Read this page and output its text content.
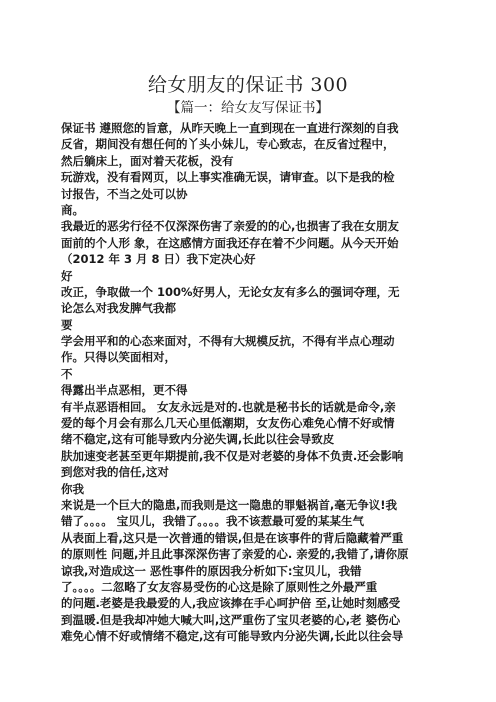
给女朋友的保证书 300
【篇一：给女友写保证书】
保证书 遵照您的旨意，从昨天晚上一直到现在一直进行深刻的自我
反省，期间没有想任何的丫头小妹儿，专心致志，在反省过程中，
然后躺床上，面对着天花板，没有
玩游戏，没有看网页，以上事实准确无误，请审查。以下是我的检
讨报告，不当之处可以协
商。
我最近的恶劣行径不仅深深伤害了亲爱的的心,也损害了我在女朋友
面前的个人形 象，在这感情方面我还存在着不少问题。从今天开始
（2012 年 3 月 8 日）我下定决心好
好
改正，争取做一个 100%好男人，无论女友有多么的强词夺理，无
论怎么对我发脾气我都
要
学会用平和的心态来面对，不得有大规模反抗，不得有半点心理动
作。只得以笑面相对，
不
得露出半点恶相，更不得
有半点恶语相回。 女友永远是对的.也就是秘书长的话就是命令,亲
爱的每个月会有那么几天心里低潮期，女友伤心难免心情不好或情
绪不稳定,这有可能导致内分泌失调,长此以往会导致皮
肤加速变老甚至更年期提前,我不仅是对老婆的身体不负责.还会影响
到您对我的信任,这对
你我
来说是一个巨大的隐患,而我则是这一隐患的罪魁祸首,毫无争议!我
错了。。。。 宝贝儿，我错了。。。。我不该惹最可爱的某某生气
从表面上看,这只是一次普通的错误,但是在该事件的背后隐藏着严重
的原则性 问题,并且此事深深伤害了亲爱的心. 亲爱的,我错了,请你原
谅我,对造成这一 恶性事件的原因我分析如下:宝贝儿，我错
了。。。。二忽略了女友容易受伤的心这是除了原则性之外最严重
的问题.老婆是我最爱的人,我应该捧在手心呵护倍 至,让她时刻感受
到温暖.但是我却冲她大喊大叫,这严重伤了宝贝老婆的心,老 婆伤心
难免心情不好或情绪不稳定,这有可能导致内分泌失调,长此以往会导
